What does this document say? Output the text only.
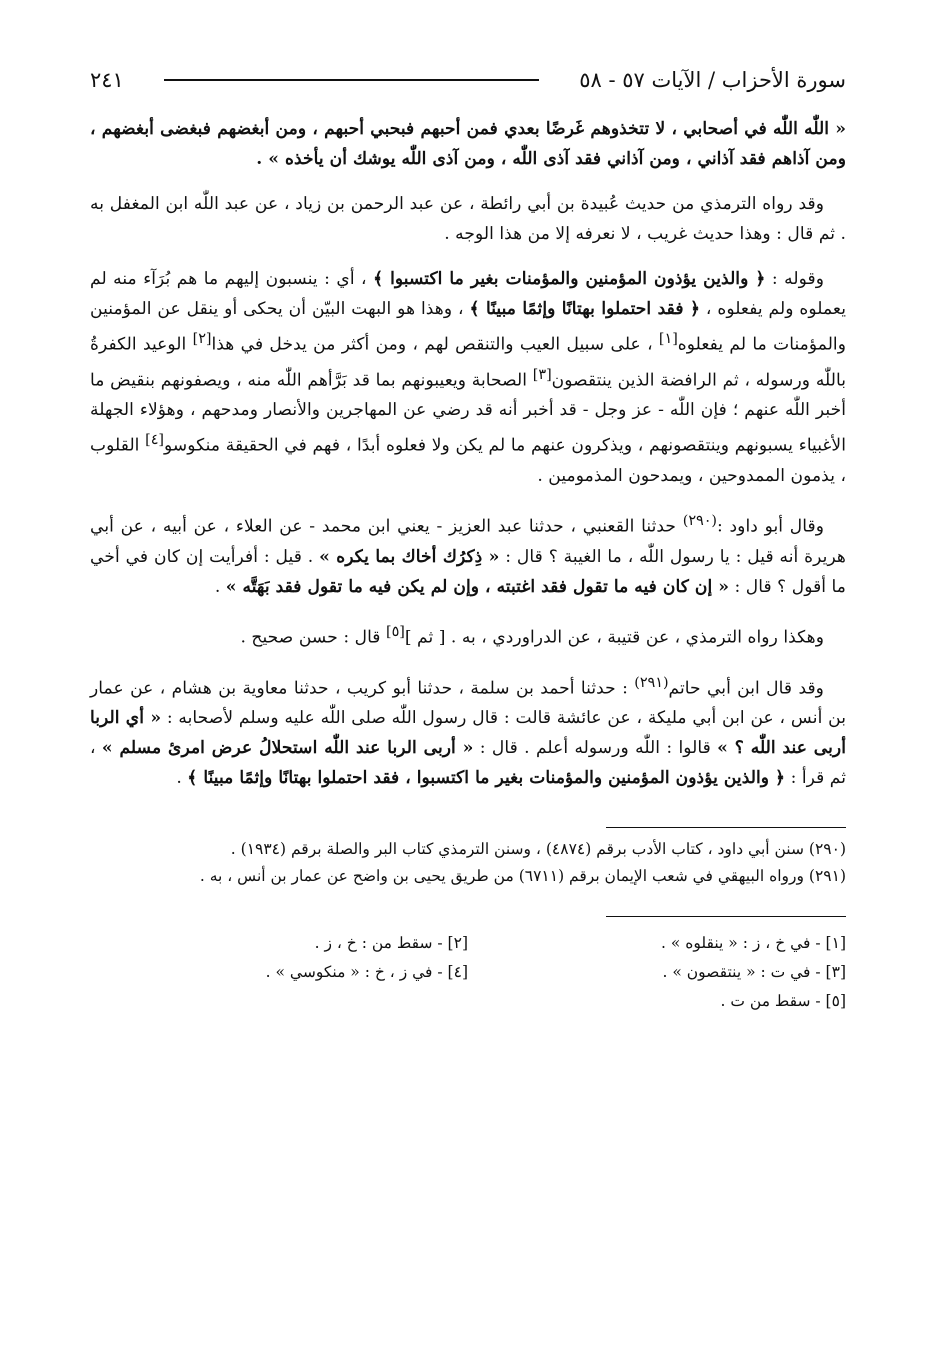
سورة الأحزاب / الآيات ٥٧ - ٥٨
٢٤١

« اللّٰه اللّٰه في أصحابي ، لا تتخذوهم غَرضًا بعدي فمن أحبهم فبحبي أحبهم ، ومن أبغضهم فبغضى أبغضهم ، ومن آذاهم فقد آذاني ، ومن آذاني فقد آذى اللّٰه ، ومن آذى اللّٰه يوشك أن يأخذه » .

وقد رواه الترمذي من حديث عُبيدة بن أبي رائطة ، عن عبد الرحمن بن زياد ، عن عبد اللّٰه ابن المغفل به . ثم قال : وهذا حديث غريب ، لا نعرفه إلا من هذا الوجه .

وقوله : ﴿ والذين يؤذون المؤمنين والمؤمنات بغير ما اكتسبوا ﴾ ، أي : ينسبون إليهم ما هم بُرَآء منه لم يعملوه ولم يفعلوه ، ﴿ فقد احتملوا بهتانًا وإثمًا مبينًا ﴾ ، وهذا هو البهت البيّن أن يحكى أو ينقل عن المؤمنين والمؤمنات ما لم يفعلوه[١] ، على سبيل العيب والتنقص لهم ، ومن أكثر من يدخل في هذا[٢] الوعيد الكفرةُ باللّٰه ورسوله ، ثم الرافضة الذين ينتقصون[٣] الصحابة ويعيبونهم بما قد بَرَّأهم اللّٰه منه ، ويصفونهم بنقيض ما أخبر اللّٰه عنهم ؛ فإن اللّٰه - عز وجل - قد أخبر أنه قد رضي عن المهاجرين والأنصار ومدحهم ، وهؤلاء الجهلة الأغبياء يسبونهم وينتقصونهم ، ويذكرون عنهم ما لم يكن ولا فعلوه أبدًا ، فهم في الحقيقة منكوسو[٤] القلوب ، يذمون الممدوحين ، ويمدحون المذمومين .

وقال أبو داود :$^{(٢٩٠)}$ حدثنا القعنبي ، حدثنا عبد العزيز - يعني ابن محمد - عن العلاء ، عن أبيه ، عن أبي هريرة أنه قيل : يا رسول اللّٰه ، ما الغيبة ؟ قال : « ذِكرُك أخاك بما يكره » . قيل : أفرأيت إن كان في أخي ما أقول ؟ قال : « إن كان فيه ما تقول فقد اغتبته ، وإن لم يكن فيه ما تقول فقد بَهَتَّه » .

وهكذا رواه الترمذي ، عن قتيبة ، عن الدراوردي ، به . [ ثم ][٥] قال : حسن صحيح .

وقد قال ابن أبي حاتم$^{(٢٩١)}$ : حدثنا أحمد بن سلمة ، حدثنا أبو كريب ، حدثنا معاوية بن هشام ، عن عمار بن أنس ، عن ابن أبي مليكة ، عن عائشة قالت : قال رسول اللّٰه صلى اللّٰه عليه وسلم لأصحابه : « أي الربا أربى عند اللّٰه ؟ » قالوا : اللّٰه ورسوله أعلم . قال : « أربى الربا عند اللّٰه استحلالُ عرض امرئ مسلم » ، ثم قرأ : ﴿ والذين يؤذون المؤمنين والمؤمنات بغير ما اكتسبوا ، فقد احتملوا بهتانًا وإثمًا مبينًا ﴾ .

(٢٩٠) سنن أبي داود ، كتاب الأدب برقم (٤٨٧٤) ، وسنن الترمذي كتاب البر والصلة برقم (١٩٣٤) .

(٢٩١) ورواه البيهقي في شعب الإيمان برقم (٦٧١١) من طريق يحيى بن واضح عن عمار بن أنس ، به .

[١] - في خ ، ز : « ينقلوه » .
[٢] - سقط من : خ ، ز .
[٣] - في ت : « ينتقصون » .
[٤] - في ز ، خ : « منكوسي » .
[٥] - سقط من ت .
